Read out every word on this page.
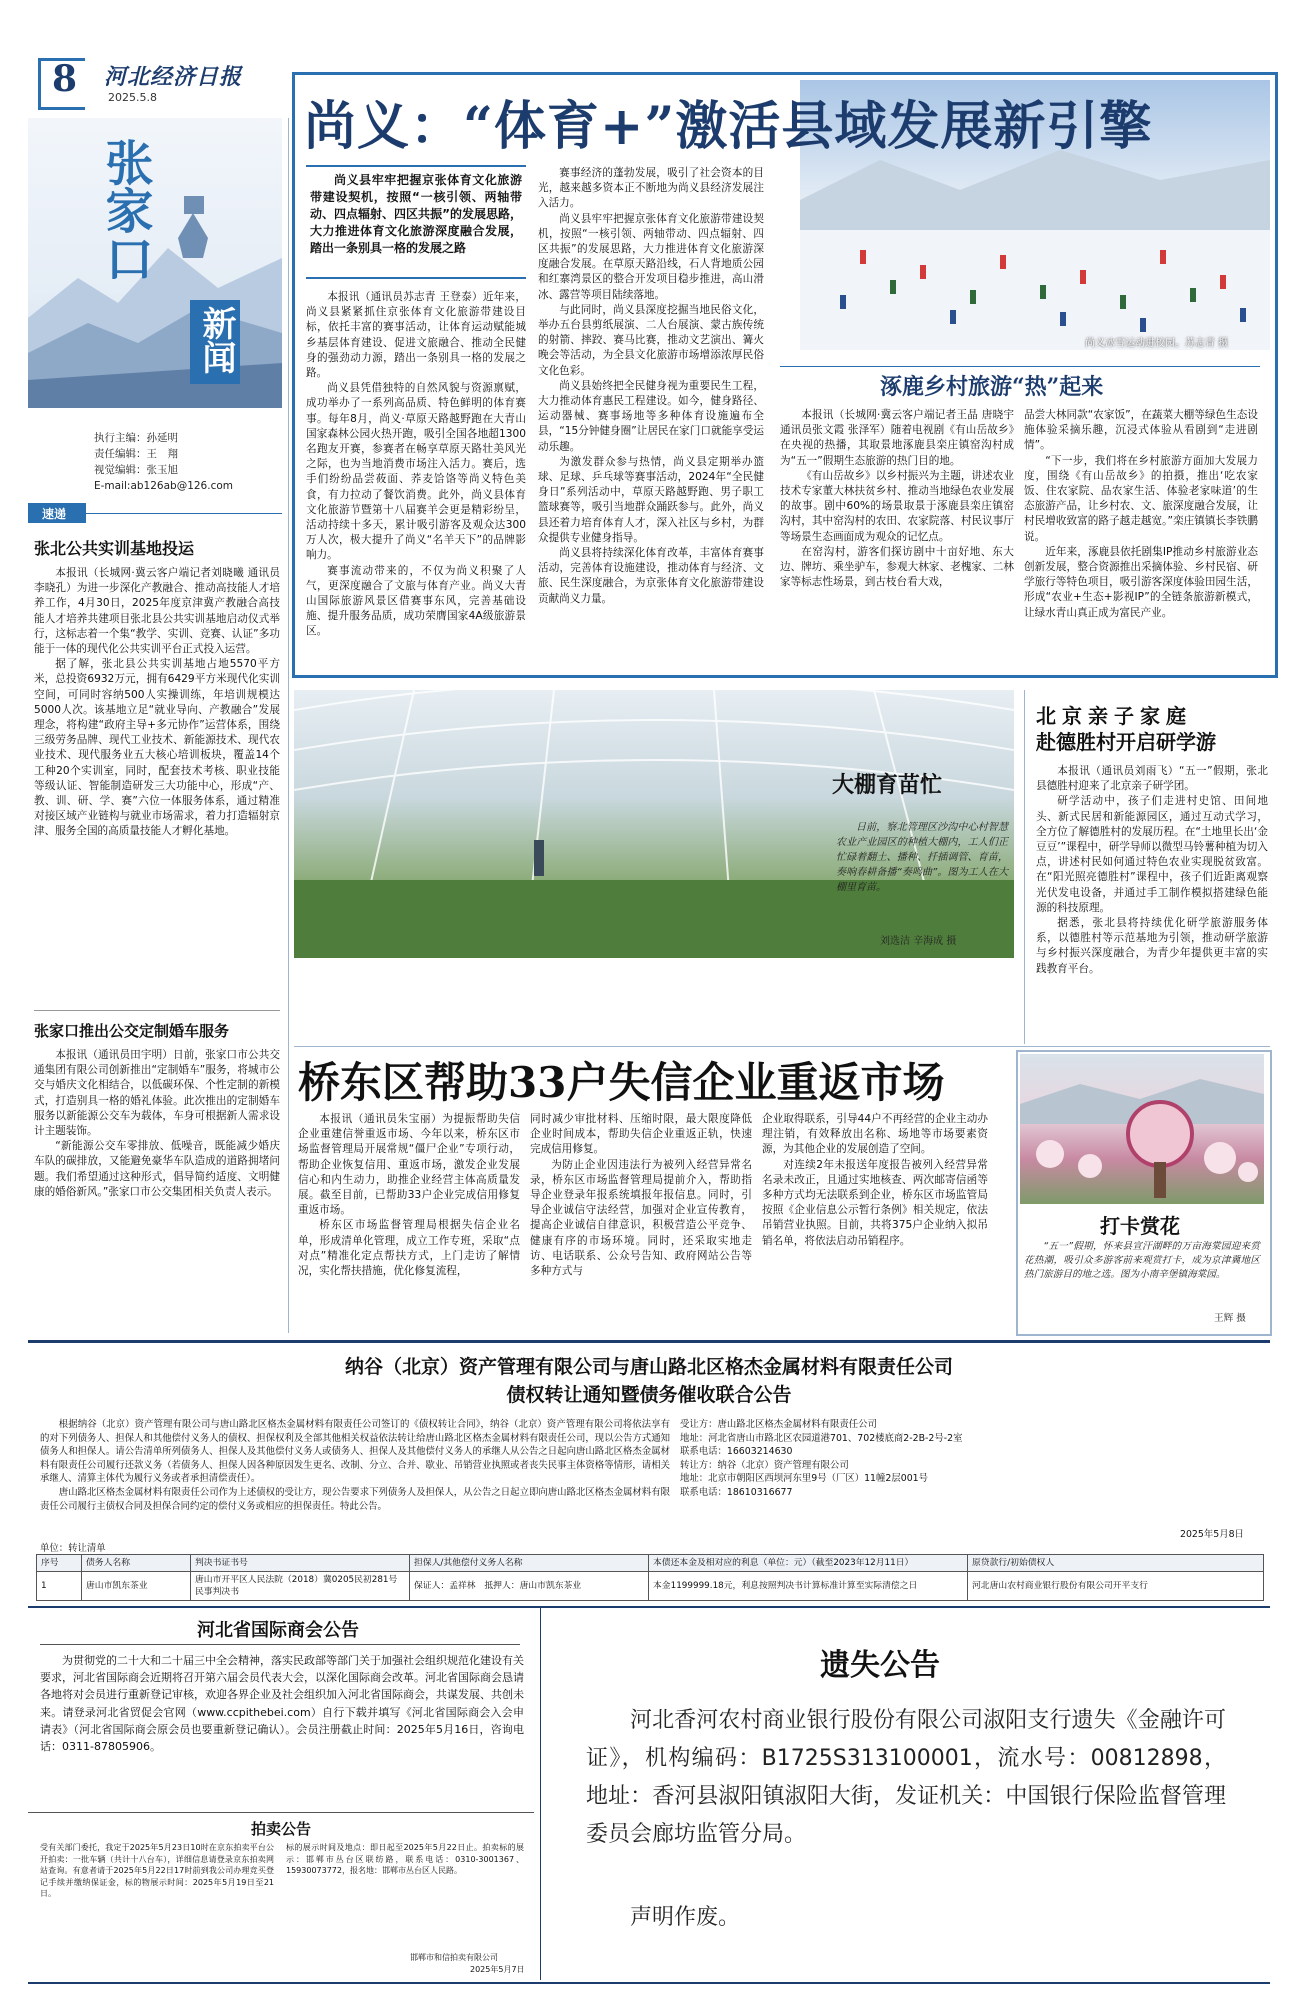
8 河北经济日报
2025.5.8
张家口
新闻
执行主编：孙延明
责任编辑：王　翔
视觉编辑：张玉旭
E-mail:ab126ab@126.com
速递
张北公共实训基地投运

本报讯（长城网·冀云客户端记者刘晓曦 通讯员李晓孔）为进一步深化产教融合、推动高技能人才培养工作，4月30日，2025年度京津冀产教融合高技能人才培养共建项目张北县公共实训基地启动仪式举行，这标志着一个集“教学、实训、竞赛、认证”多功能于一体的现代化公共实训平台正式投入运营。

据了解，张北县公共实训基地占地5570平方米，总投资6932万元，拥有6429平方米现代化实训空间，可同时容纳500人实操训练，年培训规模达5000人次。该基地立足“就业导向、产教融合”发展理念，将构建“政府主导+多元协作”运营体系，围绕三级劳务品牌、现代工业技术、新能源技术、现代农业技术、现代服务业五大核心培训板块，覆盖14个工种20个实训室，同时，配套技术考核、职业技能等级认证、智能制造研发三大功能中心，形成“产、教、训、研、学、赛”六位一体服务体系，通过精准对接区域产业链构与就业市场需求，着力打造辐射京津、服务全国的高质量技能人才孵化基地。

张家口推出公交定制婚车服务

本报讯（通讯员田宇明）日前，张家口市公共交通集团有限公司创新推出“定制婚车”服务，将城市公交与婚庆文化相结合，以低碳环保、个性定制的新模式，打造别具一格的婚礼体验。此次推出的定制婚车服务以新能源公交车为载体，车身可根据新人需求设计主题装饰。

“新能源公交车零排放、低噪音，既能减少婚庆车队的碳排放，又能避免豪华车队造成的道路拥堵问题。我们希望通过这种形式，倡导简约适度、文明健康的婚俗新风。”张家口市公交集团相关负责人表示。

尚义：“体育+”激活县域发展新引擎
尚义县牢牢把握京张体育文化旅游带建设契机，按照“一核引领、两轴带动、四点辐射、四区共振”的发展思路，大力推进体育文化旅游深度融合发展，踏出一条别具一格的发展之路
尚义冰雪运动进校园。苏志青 摄

本报讯（通讯员苏志青 王登泰）近年来，尚义县紧紧抓住京张体育文化旅游带建设目标，依托丰富的赛事活动，让体育运动赋能城乡基层体育建设、促进文旅融合、推动全民健身的强劲动力源，踏出一条别具一格的发展之路。

尚义县凭借独特的自然风貌与资源禀赋，成功举办了一系列高品质、特色鲜明的体育赛事。每年8月，尚义·草原天路越野跑在大青山国家森林公园火热开跑，吸引全国各地超1300名跑友开赛，参赛者在畅享草原天路壮美风光之际，也为当地消费市场注入活力。赛后，选手们纷纷品尝莜面、荞麦饸饹等尚义特色美食，有力拉动了餐饮消费。此外，尚义县体育文化旅游节暨第十八届赛羊会更是精彩纷呈，活动持续十多天，累计吸引游客及观众达300万人次，极大提升了尚义“名羊天下”的品牌影响力。

赛事流动带来的，不仅为尚义积聚了人气，更深度融合了文旅与体育产业。尚义大青山国际旅游风景区借赛事东风，完善基础设施、提升服务品质，成功荣膺国家4A级旅游景区。

赛事经济的蓬勃发展，吸引了社会资本的目光，越来越多资本正不断地为尚义县经济发展注入活力。

尚义县牢牢把握京张体育文化旅游带建设契机，按照“一核引领、两轴带动、四点辐射、四区共振”的发展思路，大力推进体育文化旅游深度融合发展。在草原天路沿线，石人背地质公园和红寨湾景区的整合开发项目稳步推进，高山滑冰、露营等项目陆续落地。

与此同时，尚义县深度挖掘当地民俗文化，举办五台县剪纸展演、二人台展演、蒙古族传统的射箭、摔跤、赛马比赛，推动文艺演出、篝火晚会等活动，为全县文化旅游市场增添浓厚民俗文化色彩。

尚义县始终把全民健身视为重要民生工程，大力推动体育惠民工程建设。如今，健身路径、运动器械、赛事场地等多种体育设施遍布全县，“15分钟健身圈”让居民在家门口就能享受运动乐趣。

为激发群众参与热情，尚义县定期举办篮球、足球、乒乓球等赛事活动，2024年“全民健身日”系列活动中，草原天路越野跑、男子职工篮球赛等，吸引当地群众踊跃参与。此外，尚义县还着力培育体育人才，深入社区与乡村，为群众提供专业健身指导。

尚义县将持续深化体育改革，丰富体育赛事活动，完善体育设施建设，推动体育与经济、文旅、民生深度融合，为京张体育文化旅游带建设贡献尚义力量。

涿鹿乡村旅游“热”起来

本报讯（长城网·冀云客户端记者王晶 唐晓宇 通讯员张文霞 张泽军）随着电视剧《有山岳故乡》在央视的热播，其取景地涿鹿县栾庄镇窑沟村成为“五一”假期生态旅游的热门目的地。

《有山岳故乡》以乡村振兴为主题，讲述农业技术专家董大林扶贫乡村、推动当地绿色农业发展的故事。剧中60%的场景取景于涿鹿县栾庄镇窑沟村，其中窑沟村的农田、农家院落、村民议事厅等场景生态画面成为观众的记忆点。

在窑沟村，游客们探访剧中十亩好地、东大边、牌坊、乘坐驴车，参观大林家、老槐家、二林家等标志性场景，到古枝台看大戏，

品尝大林同款“农家饭”，在蔬菜大棚等绿色生态设施体验采摘乐趣，沉浸式体验从看剧到“走进剧情”。

“下一步，我们将在乡村旅游方面加大发展力度，围绕《有山岳故乡》的拍摄，推出‘吃农家饭、住农家院、品农家生活、体验老家味道’的生态旅游产品，让乡村农、文、旅深度融合发展，让村民增收致富的路子越走越宽。”栾庄镇镇长李铁鹏说。

近年来，涿鹿县依托剧集IP推动乡村旅游业态创新发展，整合资源推出采摘体验、乡村民宿、研学旅行等特色项目，吸引游客深度体验田园生活，形成“农业+生态+影视IP”的全链条旅游新模式，让绿水青山真正成为富民产业。

大棚育苗忙
日前，察北管理区沙沟中心村智慧农业产业园区的种植大棚内，工人们正忙碌着翻土、播种、扦插调管、育苗，奏响春耕备播“奏鸣曲”。图为工人在大棚里育苗。
刘选洁 辛海成 摄
北京亲子家庭
赴德胜村开启研学游

本报讯（通讯员刘雨飞）“五一”假期，张北县德胜村迎来了北京亲子研学团。

研学活动中，孩子们走进村史馆、田间地头、新式民居和新能源园区，通过互动式学习，全方位了解德胜村的发展历程。在“土地里长出‘金豆豆’”课程中，研学导师以微型马铃薯种植为切入点，讲述村民如何通过特色农业实现脱贫致富。在“阳光照亮德胜村”课程中，孩子们近距离观察光伏发电设备，并通过手工制作模拟搭建绿色能源的科技原理。

据悉，张北县将持续优化研学旅游服务体系，以德胜村等示范基地为引领，推动研学旅游与乡村振兴深度融合，为青少年提供更丰富的实践教育平台。

桥东区帮助33户失信企业重返市场

本报讯（通讯员朱宝丽）为提振帮助失信企业重建信誉重返市场、今年以来，桥东区市场监督管理局开展常规“僵尸企业”专项行动，帮助企业恢复信用、重返市场，激发企业发展信心和内生动力，助推企业经营主体高质量发展。截至目前，已帮助33户企业完成信用修复重返市场。

桥东区市场监督管理局根据失信企业名单，形成清单化管理，成立工作专班，采取“点对点”精准化定点帮扶方式，上门走访了解情况，实化帮扶措施，优化修复流程，

同时减少审批材料、压缩时限，最大限度降低企业时间成本，帮助失信企业重返正轨，快速完成信用修复。

为防止企业因违法行为被列入经营异常名录，桥东区市场监督管理局提前介入，帮助指导企业登录年报系统填报年报信息。同时，引导企业诚信守法经营，加强对企业宣传教育，提高企业诚信自律意识，积极营造公平竞争、健康有序的市场环境。同时，还采取实地走访、电话联系、公众号告知、政府网站公告等多种方式与

企业取得联系，引导44户不再经营的企业主动办理注销，有效释放出名称、场地等市场要素资源，为其他企业的发展创造了空间。

对连续2年未报送年度报告被列入经营异常名录未改正，且通过实地核查、两次邮寄信函等多种方式均无法联系到企业，桥东区市场监管局按照《企业信息公示暂行条例》相关规定，依法吊销营业执照。目前，共将375户企业纳入拟吊销名单，将依法启动吊销程序。

打卡赏花
“五一”假期，怀来县宣汗湖畔的万亩海棠园迎来赏花热潮，吸引众多游客前来观赏打卡，成为京津冀地区热门旅游目的地之选。图为小南辛堡镇海棠园。
王辉 摄
纳谷（北京）资产管理有限公司与唐山路北区格杰金属材料有限责任公司
债权转让通知暨债务催收联合公告

根据纳谷（北京）资产管理有限公司与唐山路北区格杰金属材料有限责任公司签订的《债权转让合同》，纳谷（北京）资产管理有限公司将依法享有的对下列债务人、担保人和其他偿付义务人的债权、担保权利及全部其他相关权益依法转让给唐山路北区格杰金属材料有限责任公司，现以公告方式通知债务人和担保人。请公告清单所列债务人、担保人及其他偿付义务人或债务人、担保人及其他偿付义务人的承继人从公告之日起向唐山路北区格杰金属材料有限责任公司履行还款义务（若债务人、担保人因各种原因发生更名、改制、分立、合并、歇业、吊销营业执照或者丧失民事主体资格等情形，请相关承继人、清算主体代为履行义务或者承担清偿责任）。

唐山路北区格杰金属材料有限责任公司作为上述债权的受让方，现公告要求下列债务人及担保人，从公告之日起立即向唐山路北区格杰金属材料有限责任公司履行主债权合同及担保合同约定的偿付义务或相应的担保责任。特此公告。

受让方：唐山路北区格杰金属材料有限责任公司
地址：河北省唐山市路北区农园道港701、702楼底商2-2B-2号-2室
联系电话：16603214630
转让方：纳谷（北京）资产管理有限公司
地址：北京市朝阳区西坝河东里9号（厂区）11幢2层001号
联系电话：18610316677
单位：转让清单
2025年5月8日
序号	债务人名称	判决书证书号	担保人/其他偿付义务人名称	本债还本金及相对应的利息（单位：元）（截至2023年12月11日）	原贷款行/初始债权人
1	唐山市凯东茶业	唐山市开平区人民法院（2018）冀0205民初281号民事判决书	保证人：孟祥林　抵押人：唐山市凯东茶业	本金1199999.18元，利息按照判决书计算标准计算至实际清偿之日	河北唐山农村商业银行股份有限公司开平支行
河北省国际商会公告
为贯彻党的二十大和二十届三中全会精神，落实民政部等部门关于加强社会组织规范化建设有关要求，河北省国际商会近期将召开第六届会员代表大会，以深化国际商会改革。河北省国际商会恳请各地将对会员进行重新登记审核，欢迎各界企业及社会组织加入河北省国际商会，共谋发展、共创未来。请登录河北省贸促会官网（www.ccpithebei.com）自行下载并填写《河北省国际商会入会申请表》（河北省国际商会原会员也要重新登记确认）。会员注册截止时间：2025年5月16日，咨询电话：0311-87805906。
拍卖公告
受有关部门委托，我定于2025年5月23日10时在京东拍卖平台公开拍卖：一批车辆（共计十八台车），详细信息请登录京东拍卖网站查询。有意者请于2025年5月22日17时前到我公司办理竞买登记手续并缴纳保证金，标的物展示时间：2025年5月19日至21日。
标的展示时间及地点：即日起至2025年5月22日止。拍卖标的展示：邯郸市丛台区联纺路，联系电话：0310-3001367、15930073772，报名地：邯郸市丛台区人民路。
邯郸市和信拍卖有限公司
2025年5月7日
遗失公告
河北香河农村商业银行股份有限公司淑阳支行遗失《金融许可证》，机构编码：B1725S313100001，流水号：00812898，地址：香河县淑阳镇淑阳大街，发证机关：中国银行保险监督管理委员会廊坊监管分局。
声明作废。
